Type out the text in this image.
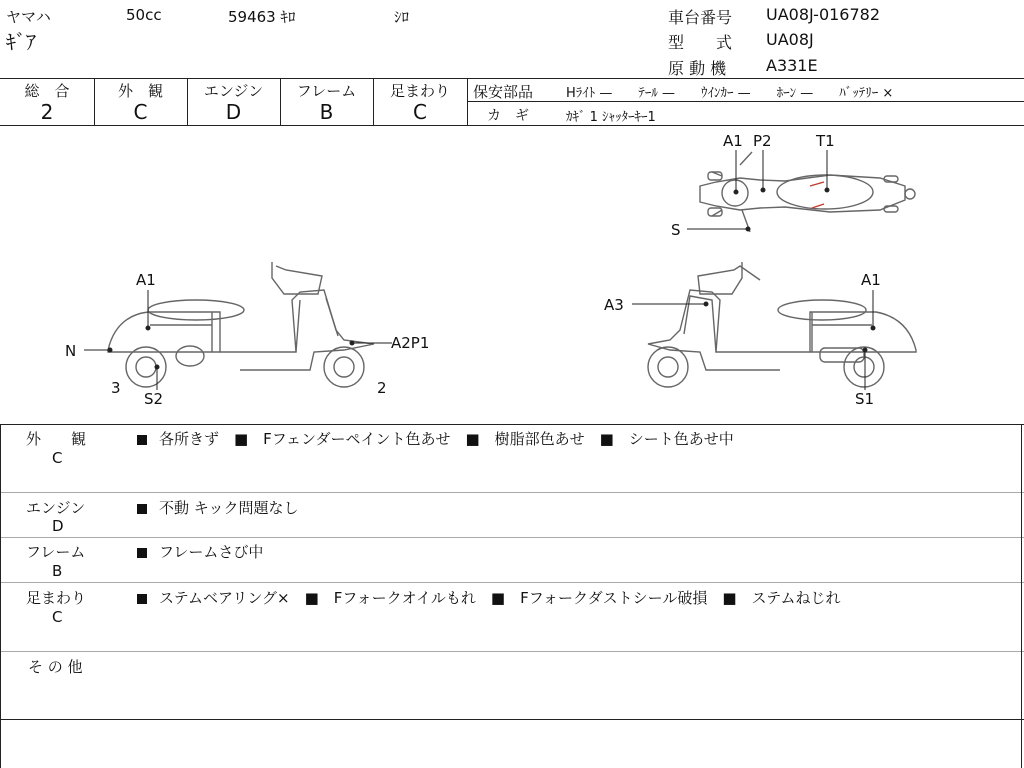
ヤマハ	50cc	59463 ｷﾛ	ｼﾛ
ｷﾞｱ
車台番号 UA08J-016782
型　　式 UA08J
原 動 機 A331E
総　合
2
外　観
C
エンジン
D
フレーム
B
足まわり
C
保安部品	Hﾗｲﾄ —　　ﾃｰﾙ —　　ｳｲﾝｶｰ —　　ﾎｰﾝ —　　ﾊﾞｯﾃﾘｰ ×
カ　ギ	ｶｷﾞ 1 ｼｬｯﾀｰｷｰ1
A1 P2	T1
S
A1
N	A2P1
3
S2
2
A3
A1
S1
外　　観
C
各所きず　■　Fフェンダーペイント色あせ　■　樹脂部色あせ　■　シート色あせ中
エンジン
D
不動 キック問題なし
フレーム
B
フレームさび中
足まわり
C
ステムベアリング×　■　Fフォークオイルもれ　■　Fフォークダストシール破損　■　ステムねじれ
そ の 他
